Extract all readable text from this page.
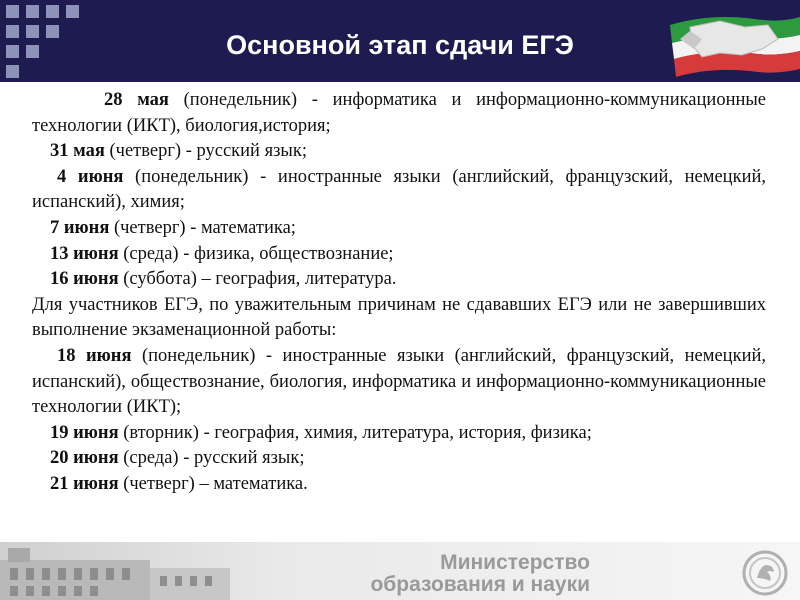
Основной этап сдачи ЕГЭ

28 мая (понедельник) - информатика и информационно-коммуникационные технологии (ИКТ), биология,история;

31 мая (четверг) - русский язык;

4 июня (понедельник) - иностранные языки (английский, французский, немецкий, испанский), химия;

7 июня (четверг) - математика;

13 июня (среда) - физика, обществознание;

16 июня (суббота) – география, литература.

Для участников ЕГЭ, по уважительным причинам не сдававших ЕГЭ или не завершивших выполнение экзаменационной работы:

18 июня (понедельник) - иностранные языки (английский, французский, немецкий, испанский), обществознание, биология, информатика и информационно-коммуникационные технологии (ИКТ);

19 июня (вторник) - география, химия, литература, история, физика;

20 июня (среда) - русский язык;

21 июня (четверг) – математика.

Министерство
образования и науки
